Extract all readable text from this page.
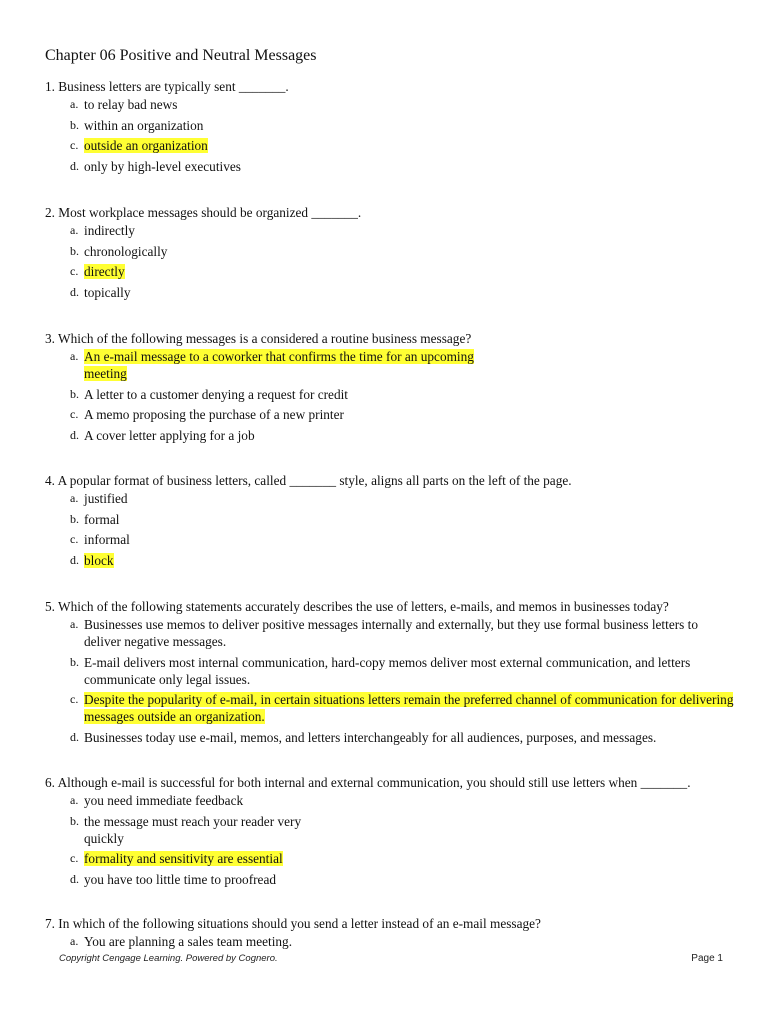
Chapter 06 Positive and Neutral Messages
1. Business letters are typically sent _______.
a. to relay bad news
b. within an organization
c. outside an organization
d. only by high-level executives
2. Most workplace messages should be organized _______.
a. indirectly
b. chronologically
c. directly
d. topically
3. Which of the following messages is a considered a routine business message?
a. An e-mail message to a coworker that confirms the time for an upcoming meeting
b. A letter to a customer denying a request for credit
c. A memo proposing the purchase of a new printer
d. A cover letter applying for a job
4. A popular format of business letters, called _______ style, aligns all parts on the left of the page.
a. justified
b. formal
c. informal
d. block
5. Which of the following statements accurately describes the use of letters, e-mails, and memos in businesses today?
a. Businesses use memos to deliver positive messages internally and externally, but they use formal business letters to deliver negative messages.
b. E-mail delivers most internal communication, hard-copy memos deliver most external communication, and letters communicate only legal issues.
c. Despite the popularity of e-mail, in certain situations letters remain the preferred channel of communication for delivering messages outside an organization.
d. Businesses today use e-mail, memos, and letters interchangeably for all audiences, purposes, and messages.
6. Although e-mail is successful for both internal and external communication, you should still use letters when _______.
a. you need immediate feedback
b. the message must reach your reader very quickly
c. formality and sensitivity are essential
d. you have too little time to proofread
7. In which of the following situations should you send a letter instead of an e-mail message?
a. You are planning a sales team meeting.
Copyright Cengage Learning. Powered by Cognero.	Page 1
